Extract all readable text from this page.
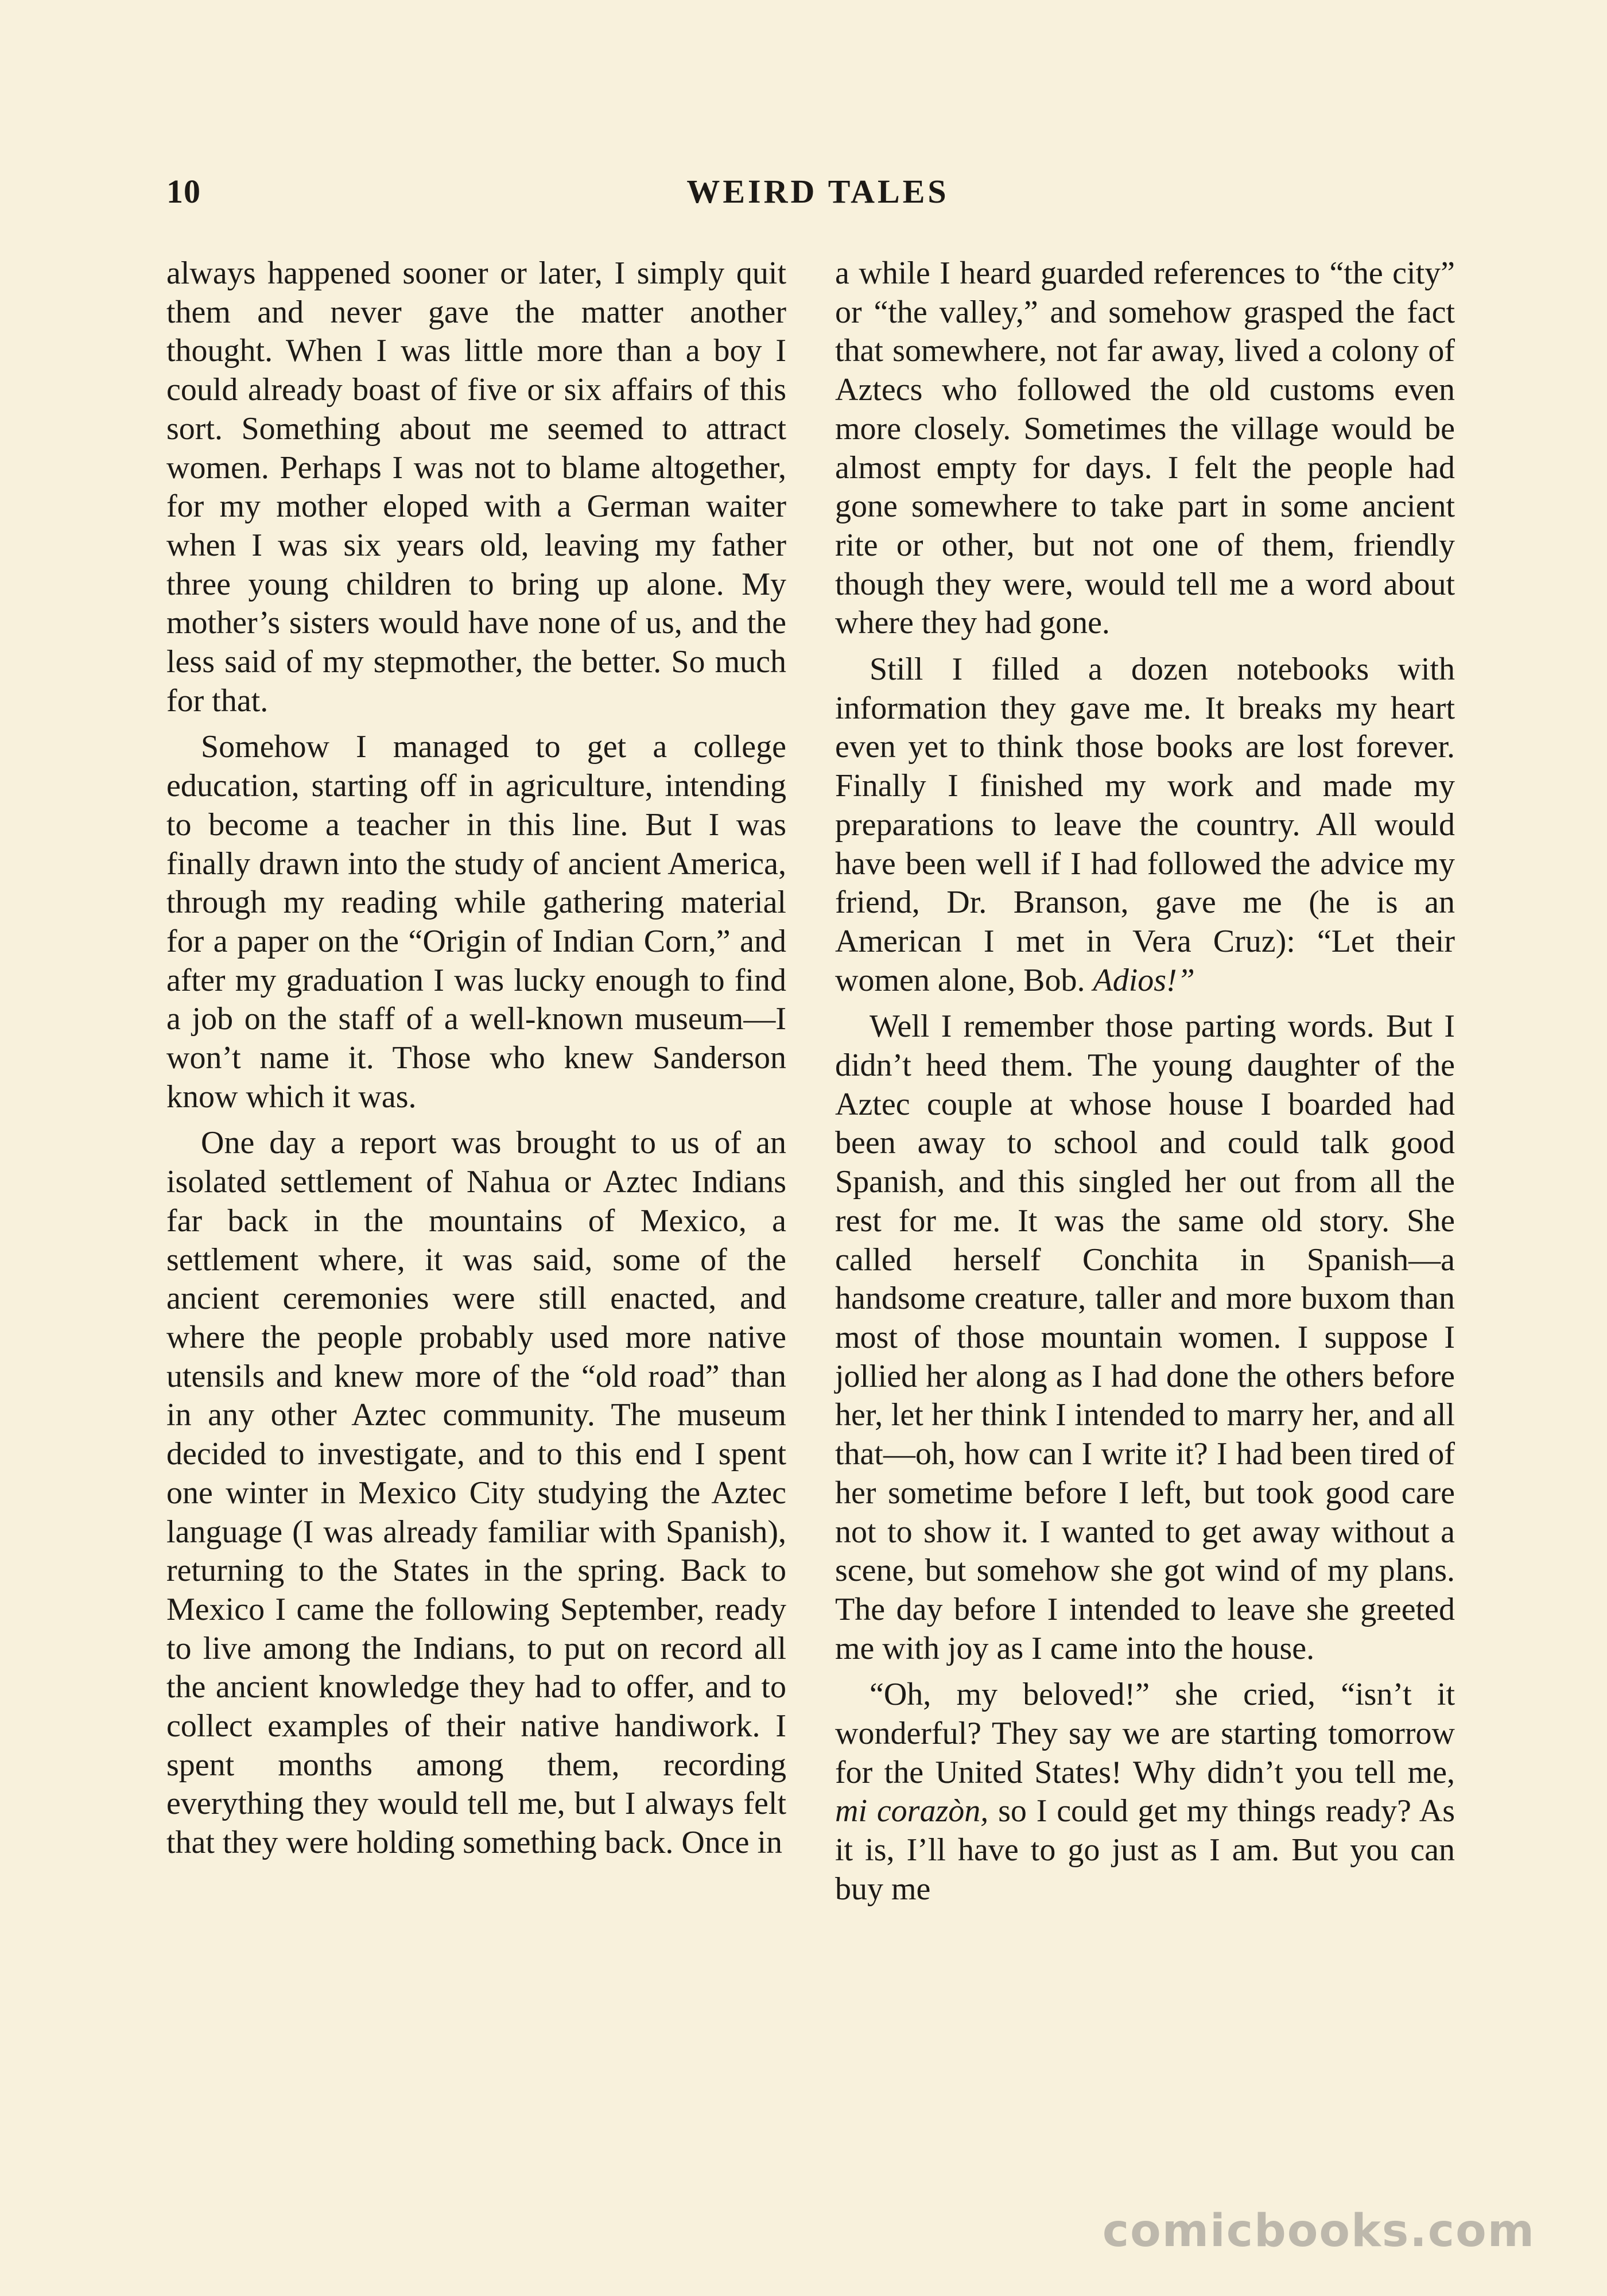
10	WEIRD TALES

always happened sooner or later, I simply quit them and never gave the matter another thought. When I was little more than a boy I could already boast of five or six affairs of this sort. Something about me seemed to attract women. Perhaps I was not to blame altogether, for my mother eloped with a German waiter when I was six years old, leaving my father three young children to bring up alone. My mother’s sisters would have none of us, and the less said of my stepmother, the better. So much for that.

Somehow I managed to get a college education, starting off in agriculture, intending to become a teacher in this line. But I was finally drawn into the study of ancient America, through my reading while gathering material for a paper on the “Origin of Indian Corn,” and after my graduation I was lucky enough to find a job on the staff of a well-known museum—I won’t name it. Those who knew Sanderson know which it was.

One day a report was brought to us of an isolated settlement of Nahua or Aztec Indians far back in the mountains of Mexico, a settlement where, it was said, some of the ancient ceremonies were still enacted, and where the people probably used more native utensils and knew more of the “old road” than in any other Aztec community. The museum decided to investigate, and to this end I spent one winter in Mexico City studying the Aztec language (I was already familiar with Spanish), returning to the States in the spring. Back to Mexico I came the following September, ready to live among the Indians, to put on record all the ancient knowledge they had to offer, and to collect examples of their native handiwork. I spent months among them, recording everything they would tell me, but I always felt that they were holding something back. Once in

a while I heard guarded references to “the city” or “the valley,” and somehow grasped the fact that somewhere, not far away, lived a colony of Aztecs who followed the old customs even more closely. Sometimes the village would be almost empty for days. I felt the people had gone somewhere to take part in some ancient rite or other, but not one of them, friendly though they were, would tell me a word about where they had gone.

Still I filled a dozen notebooks with information they gave me. It breaks my heart even yet to think those books are lost forever. Finally I finished my work and made my preparations to leave the country. All would have been well if I had followed the advice my friend, Dr. Branson, gave me (he is an American I met in Vera Cruz): “Let their women alone, Bob. Adios!”

Well I remember those parting words. But I didn’t heed them. The young daughter of the Aztec couple at whose house I boarded had been away to school and could talk good Spanish, and this singled her out from all the rest for me. It was the same old story. She called herself Conchita in Spanish—a handsome creature, taller and more buxom than most of those mountain women. I suppose I jollied her along as I had done the others before her, let her think I intended to marry her, and all that—oh, how can I write it? I had been tired of her sometime before I left, but took good care not to show it. I wanted to get away without a scene, but somehow she got wind of my plans. The day before I intended to leave she greeted me with joy as I came into the house.

“Oh, my beloved!” she cried, “isn’t it wonderful? They say we are starting tomorrow for the United States! Why didn’t you tell me, mi corazòn, so I could get my things ready? As it is, I’ll have to go just as I am. But you can buy me

comicbooks.com
